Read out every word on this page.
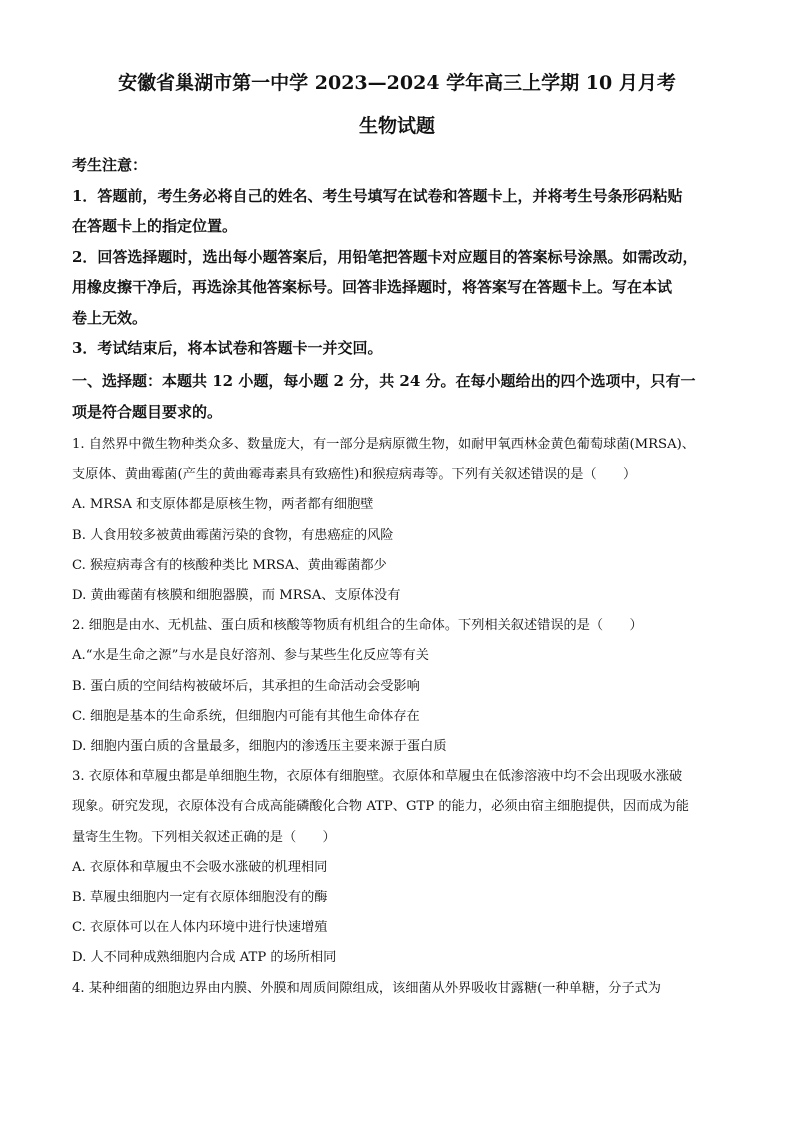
安徽省巢湖市第一中学 2023—2024 学年高三上学期 10 月月考
生物试题

考生注意：

1．答题前，考生务必将自己的姓名、考生号填写在试卷和答题卡上，并将考生号条形码粘贴

在答题卡上的指定位置。

2．回答选择题时，选出每小题答案后，用铅笔把答题卡对应题目的答案标号涂黑。如需改动，

用橡皮擦干净后，再选涂其他答案标号。回答非选择题时，将答案写在答题卡上。写在本试

卷上无效。

3．考试结束后，将本试卷和答题卡一并交回。

一、选择题：本题共 12 小题，每小题 2 分，共 24 分。在每小题给出的四个选项中，只有一

项是符合题目要求的。

1. 自然界中微生物种类众多、数量庞大，有一部分是病原微生物，如耐甲氧西林金黄色葡萄球菌(MRSA)、

支原体、黄曲霉菌(产生的黄曲霉毒素具有致癌性)和猴痘病毒等。下列有关叙述错误的是（　　）

A. MRSA 和支原体都是原核生物，两者都有细胞壁

B. 人食用较多被黄曲霉菌污染的食物，有患癌症的风险

C. 猴痘病毒含有的核酸种类比 MRSA、黄曲霉菌都少

D. 黄曲霉菌有核膜和细胞器膜，而 MRSA、支原体没有

2. 细胞是由水、无机盐、蛋白质和核酸等物质有机组合的生命体。下列相关叙述错误的是（　　）

A.“水是生命之源”与水是良好溶剂、参与某些生化反应等有关

B. 蛋白质的空间结构被破坏后，其承担的生命活动会受影响

C. 细胞是基本的生命系统，但细胞内可能有其他生命体存在

D. 细胞内蛋白质的含量最多，细胞内的渗透压主要来源于蛋白质

3. 衣原体和草履虫都是单细胞生物，衣原体有细胞壁。衣原体和草履虫在低渗溶液中均不会出现吸水涨破

现象。研究发现，衣原体没有合成高能磷酸化合物 ATP、GTP 的能力，必须由宿主细胞提供，因而成为能

量寄生生物。下列相关叙述正确的是（　　）

A. 衣原体和草履虫不会吸水涨破的机理相同

B. 草履虫细胞内一定有衣原体细胞没有的酶

C. 衣原体可以在人体内环境中进行快速增殖

D. 人不同种成熟细胞内合成 ATP 的场所相同

4. 某种细菌的细胞边界由内膜、外膜和周质间隙组成，该细菌从外界吸收甘露糖(一种单糖，分子式为
